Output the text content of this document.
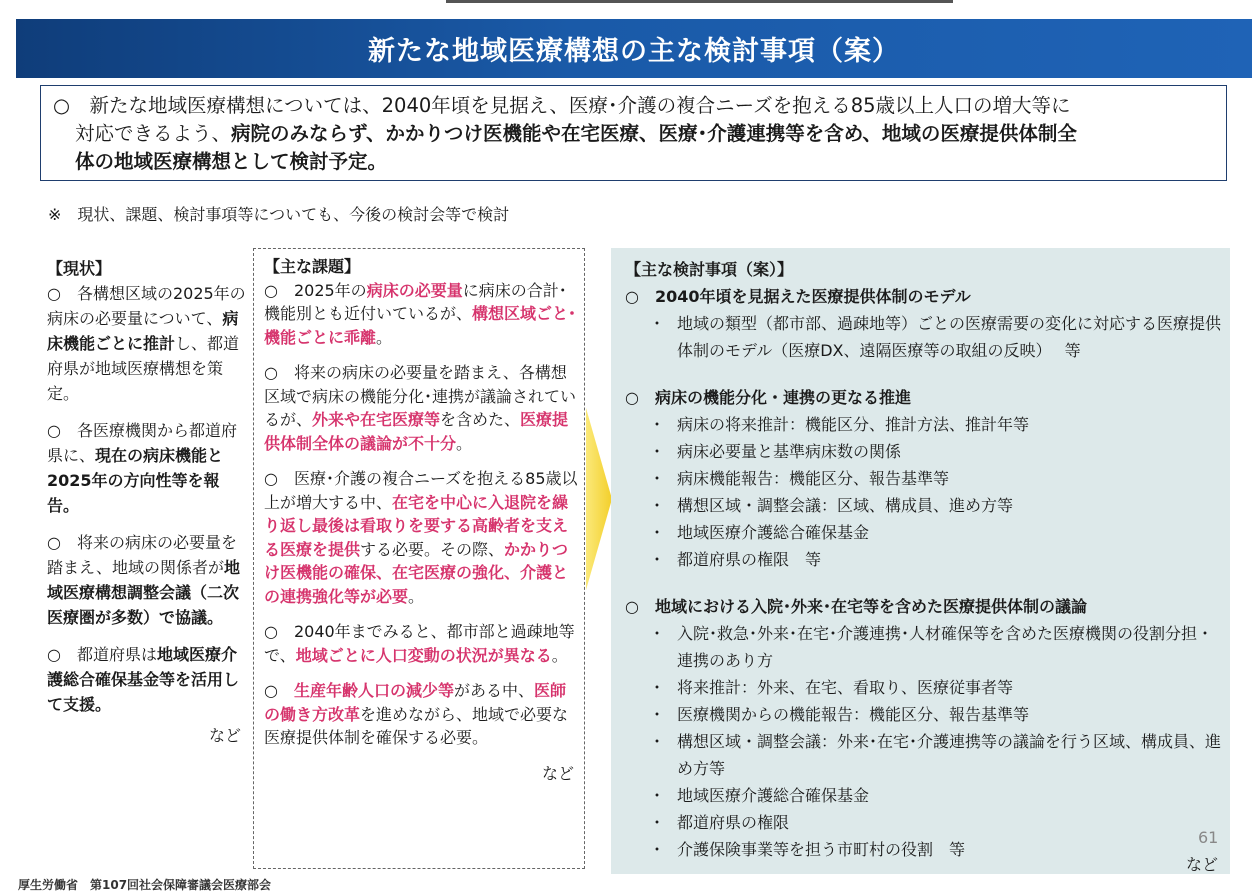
新たな地域医療構想の主な検討事項（案）
○　新たな地域医療構想については、2040年頃を見据え、医療･介護の複合ニーズを抱える85歳以上人口の増大等に
対応できるよう、病院のみならず、かかりつけ医機能や在宅医療、医療･介護連携等を含め、地域の医療提供体制全
体の地域医療構想として検討予定。
※　現状、課題、検討事項等についても、今後の検討会等で検討
【現状】
○　各構想区域の2025年の病床の必要量について、病床機能ごとに推計し、都道府県が地域医療構想を策定。
○　各医療機関から都道府県に、現在の病床機能と2025年の方向性等を報告。
○　将来の病床の必要量を踏まえ、地域の関係者が地域医療構想調整会議（二次医療圏が多数）で協議。
○　都道府県は地域医療介護総合確保基金等を活用して支援。
など
【主な課題】
○　2025年の病床の必要量に病床の合計･機能別とも近付いているが、構想区域ごと･機能ごとに乖離。
○　将来の病床の必要量を踏まえ、各構想区域で病床の機能分化･連携が議論されているが、外来や在宅医療等を含めた、医療提供体制全体の議論が不十分。
○　医療･介護の複合ニーズを抱える85歳以上が増大する中、在宅を中心に入退院を繰り返し最後は看取りを要する高齢者を支える医療を提供する必要。その際、かかりつけ医機能の確保、在宅医療の強化、介護との連携強化等が必要。
○　2040年までみると、都市部と過疎地等で、地域ごとに人口変動の状況が異なる。
○　生産年齢人口の減少等がある中、医師の働き方改革を進めながら、地域で必要な医療提供体制を確保する必要。
など
【主な検討事項（案）】
○　2040年頃を見据えた医療提供体制のモデル
・ 地域の類型（都市部、過疎地等）ごとの医療需要の変化に対応する医療提供体制のモデル（医療DX、遠隔医療等の取組の反映）　 等
○　病床の機能分化・連携の更なる推進
・ 病床の将来推計：機能区分、推計方法、推計年等
・ 病床必要量と基準病床数の関係
・ 病床機能報告：機能区分、報告基準等
・ 構想区域・調整会議：区域、構成員、進め方等
・ 地域医療介護総合確保基金
・ 都道府県の権限　等
○　地域における入院･外来･在宅等を含めた医療提供体制の議論
・ 入院･救急･外来･在宅･介護連携･人材確保等を含めた医療機関の役割分担・連携のあり方
・ 将来推計：外来、在宅、看取り、医療従事者等
・ 医療機関からの機能報告：機能区分、報告基準等
・ 構想区域・調整会議：外来･在宅･介護連携等の議論を行う区域、構成員、進め方等
・ 地域医療介護総合確保基金
・ 都道府県の権限
・ 介護保険事業等を担う市町村の役割　等
61
など
厚生労働省　第107回社会保障審議会医療部会
